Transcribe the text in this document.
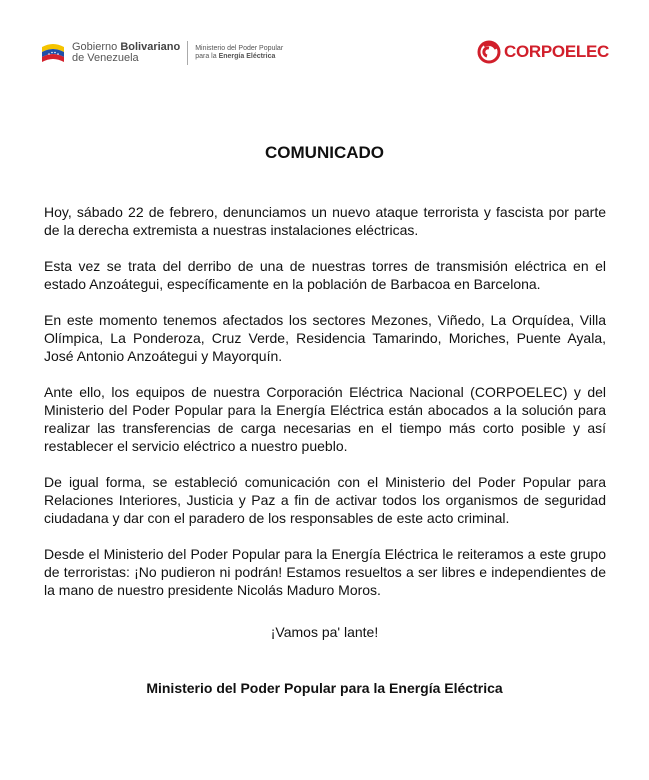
Gobierno Bolivariano
de Venezuela
Ministerio del Poder Popular
para la Energía Eléctrica	CORPOELEC
COMUNICADO

Hoy, sábado 22 de febrero, denunciamos un nuevo ataque terrorista y fascista por parte de la derecha extremista a nuestras instalaciones eléctricas.

Esta vez se trata del derribo de una de nuestras torres de transmisión eléctrica en el estado Anzoátegui, específicamente en la población de Barbacoa en Barcelona.

En este momento tenemos afectados los sectores Mezones, Viñedo, La Orquídea, Villa Olímpica, La Ponderoza, Cruz Verde, Residencia Tamarindo, Moriches, Puente Ayala, José Antonio Anzoátegui y Mayorquín.

Ante ello, los equipos de nuestra Corporación Eléctrica Nacional (CORPOELEC) y del Ministerio del Poder Popular para la Energía Eléctrica están abocados a la solución para realizar las transferencias de carga necesarias en el tiempo más corto posible y así restablecer el servicio eléctrico a nuestro pueblo.

De igual forma, se estableció comunicación con el Ministerio del Poder Popular para Relaciones Interiores, Justicia y Paz a fin de activar todos los organismos de seguridad ciudadana y dar con el paradero de los responsables de este acto criminal.

Desde el Ministerio del Poder Popular para la Energía Eléctrica le reiteramos a este grupo de terroristas: ¡No pudieron ni podrán! Estamos resueltos a ser libres e independientes de la mano de nuestro presidente Nicolás Maduro Moros.

¡Vamos pa' lante!
Ministerio del Poder Popular para la Energía Eléctrica
